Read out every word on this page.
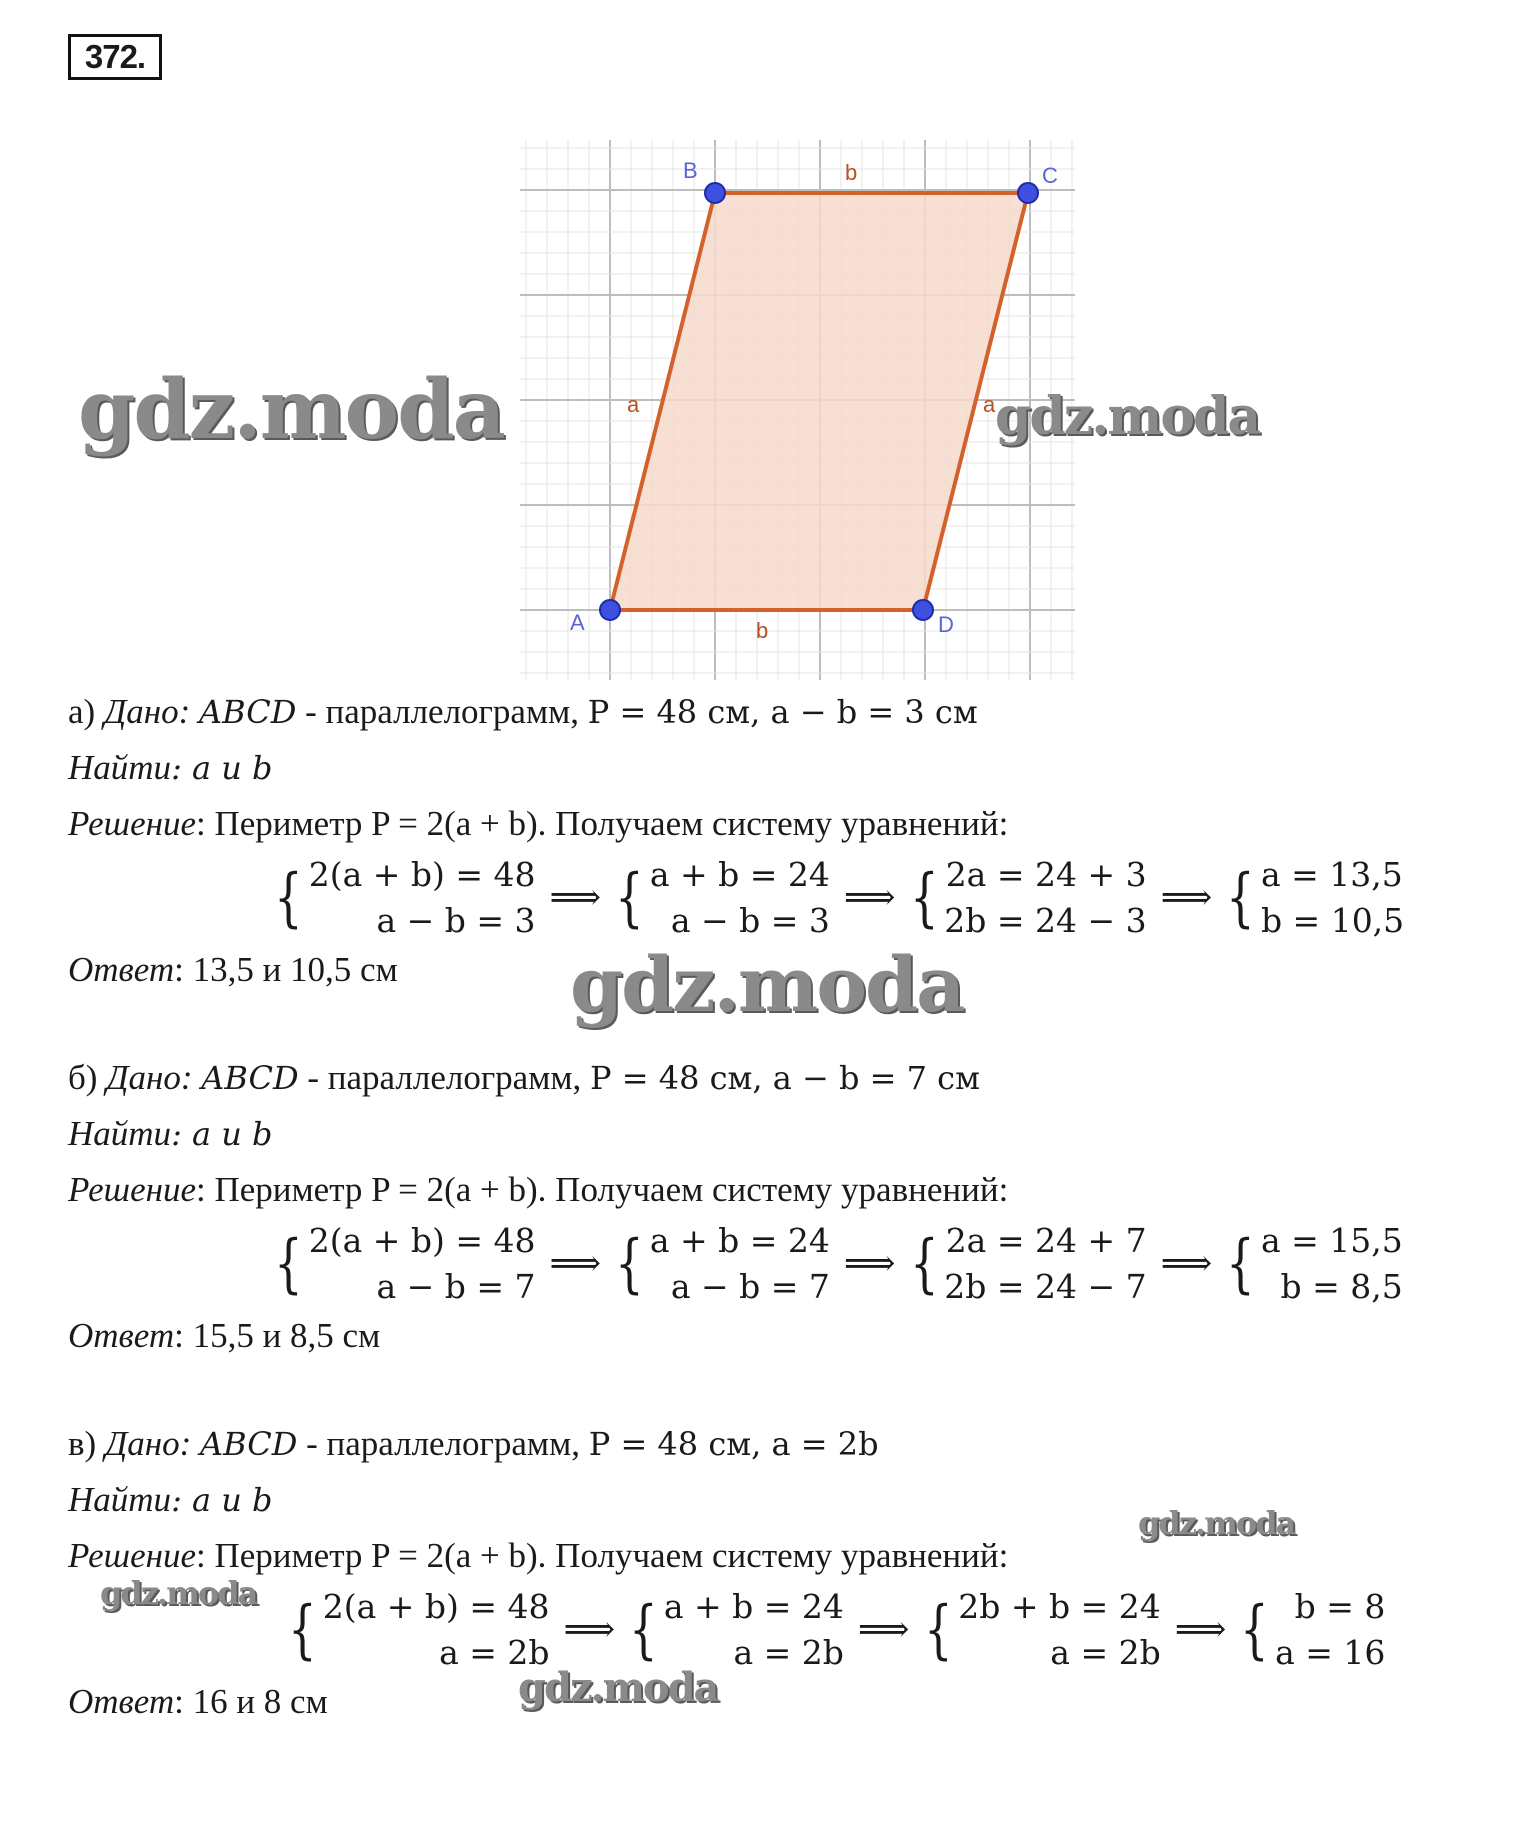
372.
b
b
a	a
A
B	C
D
gdz.moda	gdz.moda
gdz.moda
gdz.moda
gdz.moda
gdz.moda
а) Дано: ABCD - параллелограмм, P = 48 см, a − b = 3 см
Найти: a и b
Решение: Периметр P = 2(a + b). Получаем систему уравнений:
{ 2(a + b) = 48
a − b = 3
⟹ { a + b = 24
a − b = 3
⟹ { 2a = 24 + 3
2b = 24 − 3
⟹ { a = 13,5
b = 10,5
Ответ: 13,5 и 10,5 см
б) Дано: ABCD - параллелограмм, P = 48 см, a − b = 7 см
Найти: a и b
Решение: Периметр P = 2(a + b). Получаем систему уравнений:
{ 2(a + b) = 48
a − b = 7
⟹ { a + b = 24
a − b = 7
⟹ { 2a = 24 + 7
2b = 24 − 7
⟹ { a = 15,5
b = 8,5
Ответ: 15,5 и 8,5 см
в) Дано: ABCD - параллелограмм, P = 48 см, a = 2b
Найти: a и b
Решение: Периметр P = 2(a + b). Получаем систему уравнений:
{ 2(a + b) = 48
a = 2b
⟹ { a + b = 24
a = 2b
⟹ { 2b + b = 24
a = 2b
⟹ { b = 8
a = 16
Ответ: 16 и 8 см
